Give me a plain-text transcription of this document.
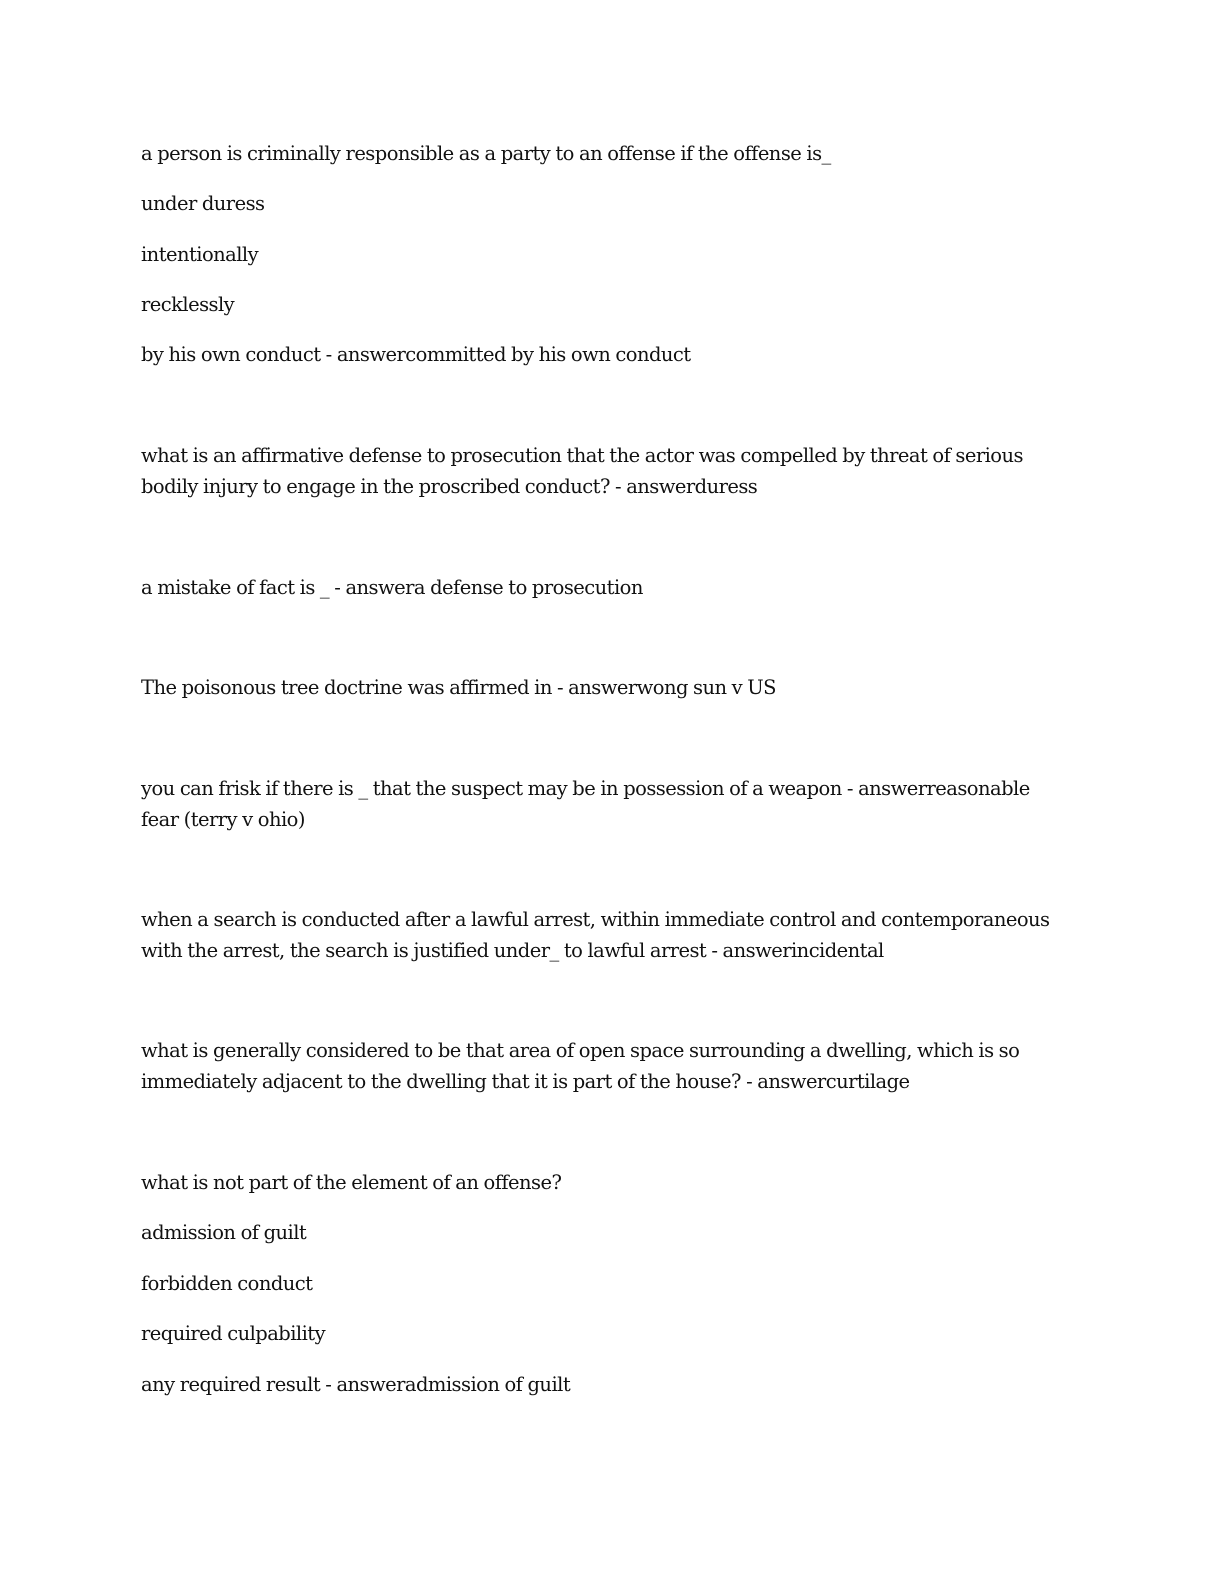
a person is criminally responsible as a party to an offense if the offense is_

under duress

intentionally

recklessly

by his own conduct - answercommitted by his own conduct

what is an affirmative defense to prosecution that the actor was compelled by threat of serious

bodily injury to engage in the proscribed conduct? - answerduress

a mistake of fact is _ - answera defense to prosecution

The poisonous tree doctrine was affirmed in - answerwong sun v US

you can frisk if there is _ that the suspect may be in possession of a weapon - answerreasonable

fear (terry v ohio)

when a search is conducted after a lawful arrest, within immediate control and contemporaneous

with the arrest, the search is justified under_ to lawful arrest - answerincidental

what is generally considered to be that area of open space surrounding a dwelling, which is so

immediately adjacent to the dwelling that it is part of the house? - answercurtilage

what is not part of the element of an offense?

admission of guilt

forbidden conduct

required culpability

any required result - answeradmission of guilt
